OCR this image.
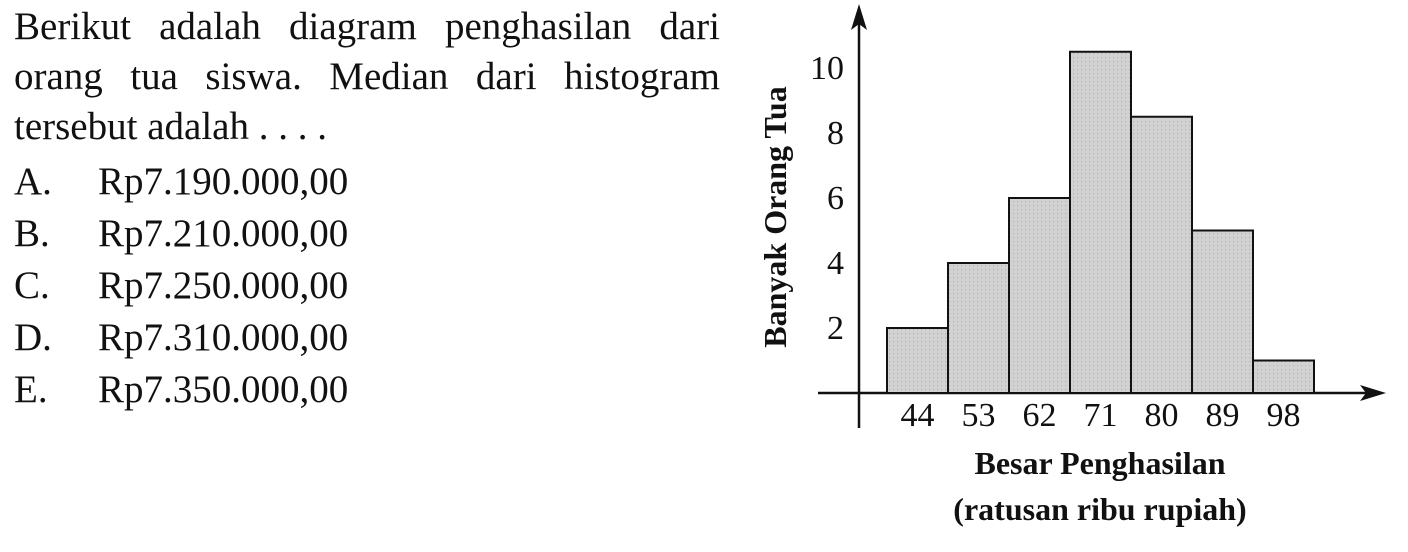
Berikut adalah diagram penghasilan dari orang tua siswa. Median dari histogram tersebut adalah . . . .

A.	Rp7.190.000,00
B.	Rp7.210.000,00
C.	Rp7.250.000,00
D.	Rp7.310.000,00
E.	Rp7.350.000,00
2
4
6
8
10
44 53 62 71 80 89 98
Banyak Orang Tua
Besar Penghasilan
(ratusan ribu rupiah)
